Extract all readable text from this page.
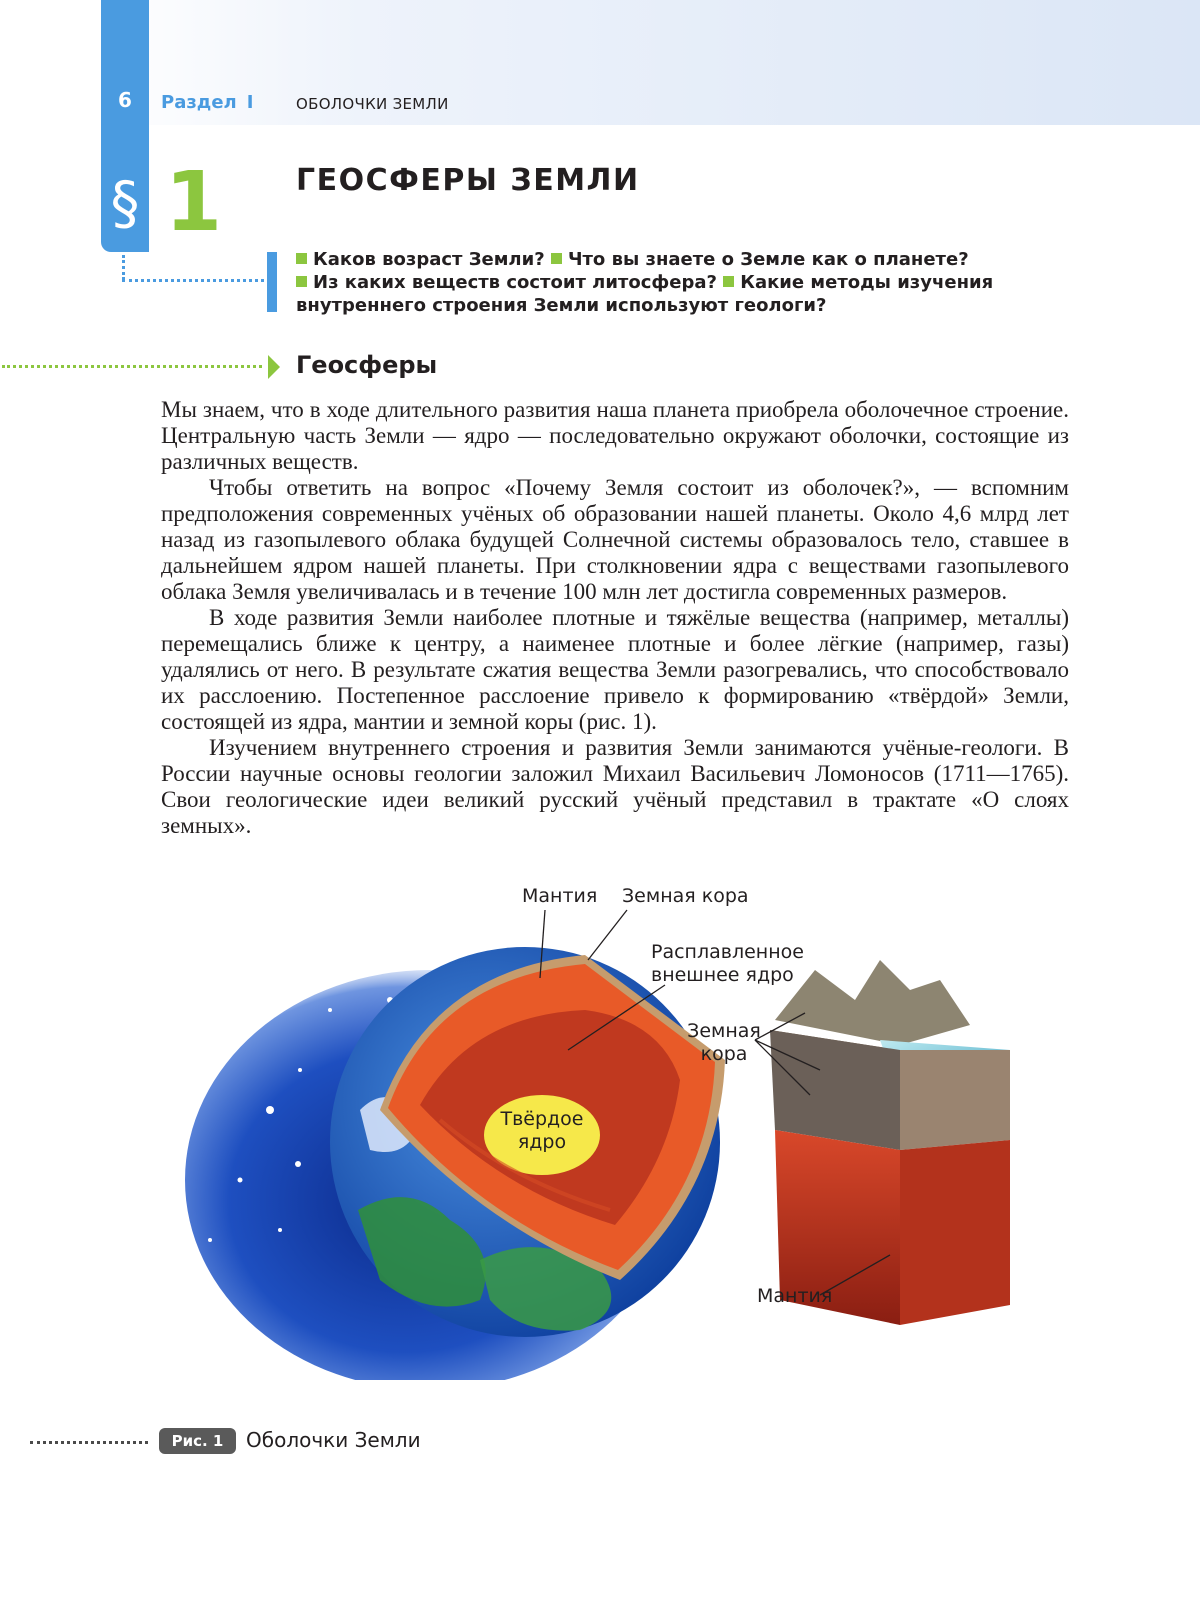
6
§
Раздел I	ОБОЛОЧКИ ЗЕМЛИ
1 ГЕОСФЕРЫ ЗЕМЛИ
Каков возраст Земли? Что вы знаете о Земле как о планете?
Из каких веществ состоит литосфера? Какие методы изучения внутреннего строения Земли используют геологи?
Геосферы

Мы знаем, что в ходе длительного развития наша планета приобрела оболочечное строение. Центральную часть Земли — ядро — последовательно окружают оболочки, состоящие из различных веществ.

Чтобы ответить на вопрос «Почему Земля состоит из оболочек?», — вспомним предположения современных учёных об образовании нашей планеты. Около 4,6 млрд лет назад из газопылевого облака будущей Солнечной системы образовалось тело, ставшее в дальнейшем ядром нашей планеты. При столкновении ядра с веществами газопылевого облака Земля увеличивалась и в течение 100 млн лет достигла современных размеров.

В ходе развития Земли наиболее плотные и тяжёлые вещества (например, металлы) перемещались ближе к центру, а наименее плотные и более лёгкие (например, газы) удалялись от него. В результате сжатия вещества Земли разогревались, что способствовало их расслоению. Постепенное расслоение привело к формированию «твёрдой» Земли, состоящей из ядра, мантии и земной коры (рис. 1).

Изучением внутреннего строения и развития Земли занимаются учёные-геологи. В России научные основы геологии заложил Михаил Васильевич Ломоносов (1711—1765). Свои геологические идеи великий русский учёный представил в трактате «О слоях земных».

Мантия Земная кора
Расплавленное
внешнее ядро
Твёрдое
ядро
Земная
кора
Мантия
Рис. 1	Оболочки Земли
